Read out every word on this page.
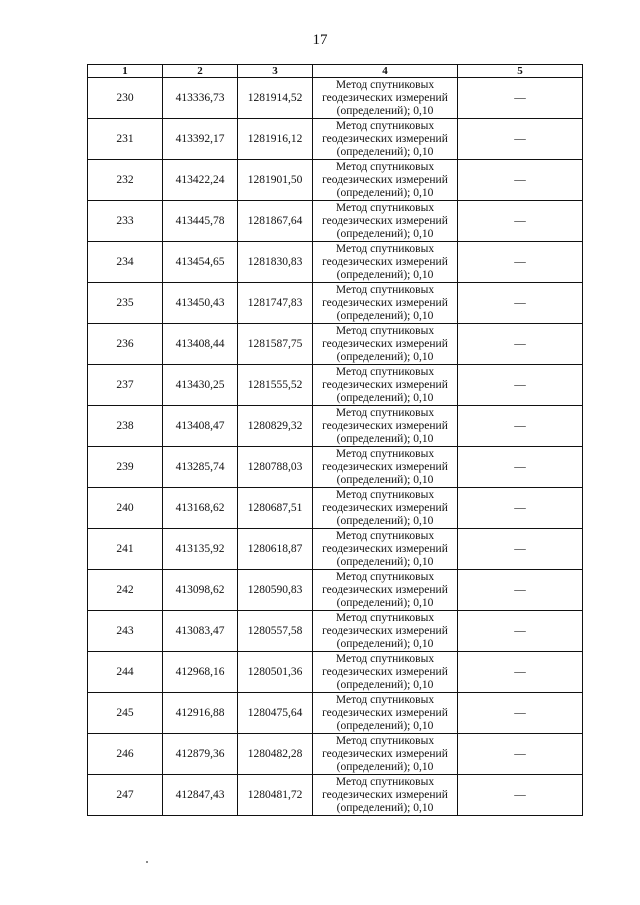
17
1	2	3	4	5
230	413336,73	1281914,52	Метод спутниковых
геодезических измерений
(определений); 0,10	—
231	413392,17	1281916,12	Метод спутниковых
геодезических измерений
(определений); 0,10	—
232	413422,24	1281901,50	Метод спутниковых
геодезических измерений
(определений); 0,10	—
233	413445,78	1281867,64	Метод спутниковых
геодезических измерений
(определений); 0,10	—
234	413454,65	1281830,83	Метод спутниковых
геодезических измерений
(определений); 0,10	—
235	413450,43	1281747,83	Метод спутниковых
геодезических измерений
(определений); 0,10	—
236	413408,44	1281587,75	Метод спутниковых
геодезических измерений
(определений); 0,10	—
237	413430,25	1281555,52	Метод спутниковых
геодезических измерений
(определений); 0,10	—
238	413408,47	1280829,32	Метод спутниковых
геодезических измерений
(определений); 0,10	—
239	413285,74	1280788,03	Метод спутниковых
геодезических измерений
(определений); 0,10	—
240	413168,62	1280687,51	Метод спутниковых
геодезических измерений
(определений); 0,10	—
241	413135,92	1280618,87	Метод спутниковых
геодезических измерений
(определений); 0,10	—
242	413098,62	1280590,83	Метод спутниковых
геодезических измерений
(определений); 0,10	—
243	413083,47	1280557,58	Метод спутниковых
геодезических измерений
(определений); 0,10	—
244	412968,16	1280501,36	Метод спутниковых
геодезических измерений
(определений); 0,10	—
245	412916,88	1280475,64	Метод спутниковых
геодезических измерений
(определений); 0,10	—
246	412879,36	1280482,28	Метод спутниковых
геодезических измерений
(определений); 0,10	—
247	412847,43	1280481,72	Метод спутниковых
геодезических измерений
(определений); 0,10	—
